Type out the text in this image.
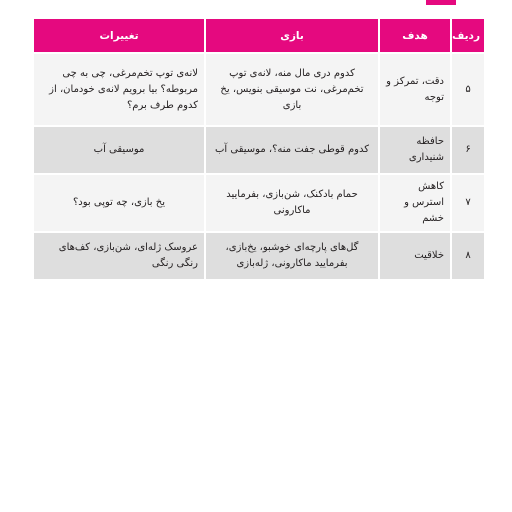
ردیف	هدف	بازی	تغییرات
۵	دقت، تمرکز و توجه	کدوم دری مال منه، لانه‌ی توپ تخم‌مرغی، نت موسیقی بنویس، یخ بازی	لانه‌ی توپ تخم‌مرغی، چی به چی مربوطه؟ بیا برویم لانه‌ی خودمان، از کدوم طرف برم؟
۶	حافظه شنیداری	کدوم قوطی جفت منه؟، موسیقی آب	موسیقی آب
۷	کاهش استرس و خشم	حمام بادکنک، شن‌بازی، بفرمایید ماکارونی	یخ بازی، چه توپی بود؟
۸	خلاقیت	گل‌های پارچه‌ای خوشبو، یخ‌بازی، بفرمایید ماکارونی، ژله‌بازی	عروسک ژله‌ای، شن‌بازی، کف‌های رنگی رنگی
